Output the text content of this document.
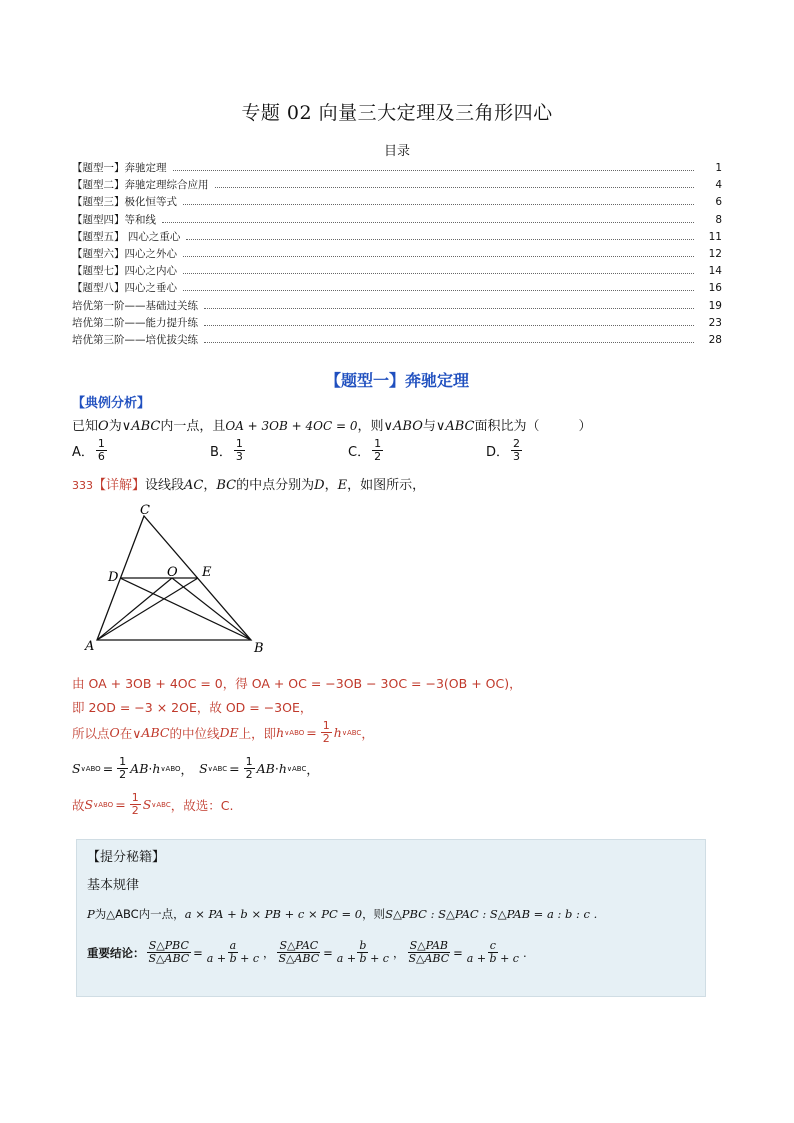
专题 02 向量三大定理及三角形四心
目录
【题型一】奔驰定理	1
【题型二】奔驰定理综合应用	4
【题型三】极化恒等式	6
【题型四】等和线	8
【题型五】 四心之重心	11
【题型六】四心之外心	12
【题型七】四心之内心	14
【题型八】四心之垂心	16
培优第一阶——基础过关练	19
培优第二阶——能力提升练	23
培优第三阶——培优拔尖练	28
【题型一】奔驰定理
【典例分析】
已知O为∨ABC内一点，且OA + 3OB + 4OC = 0，则∨ABO与∨ABC面积比为（　　　）
A． $\frac{1}{6}$	B． $\frac{1}{3}$	C． $\frac{1}{2}$	D． $\frac{2}{3}$
333【详解】设线段AC，BC的中点分别为D，E，如图所示，
C
D	O E
A	B
由 OA + 3OB + 4OC = 0，得 OA + OC = −3OB − 3OC = −3(OB + OC)，
即 2OD = −3 × 2OE，故 OD = −3OE，
所以点 O 在∨ ABC 的中位线 DE 上，即 h ∨ABO = $\frac{1}{2}$ h ∨ABC ，
S ∨ABO = $\frac{1}{2}$ AB · h ∨ABO ， S ∨ABC = $\frac{1}{2}$ AB · h ∨ABC ，
故 S ∨ABO = $\frac{1}{2}$ S ∨ABC ，故选：C.
【提分秘籍】
基本规律
P为△ABC内一点，a × PA + b × PB + c × PC = 0，则S△PBC : S△PAC : S△PAB = a : b : c .
重要结论： $\frac{\text{S△PBC}}{\text{S△ABC}} = \frac{a}{a + b + c}$ ， $\frac{\text{S△PAC}}{\text{S△ABC}} = \frac{b}{a + b + c}$ ， $\frac{\text{S△PAB}}{\text{S△ABC}} = \frac{c}{a + b + c}$ .
